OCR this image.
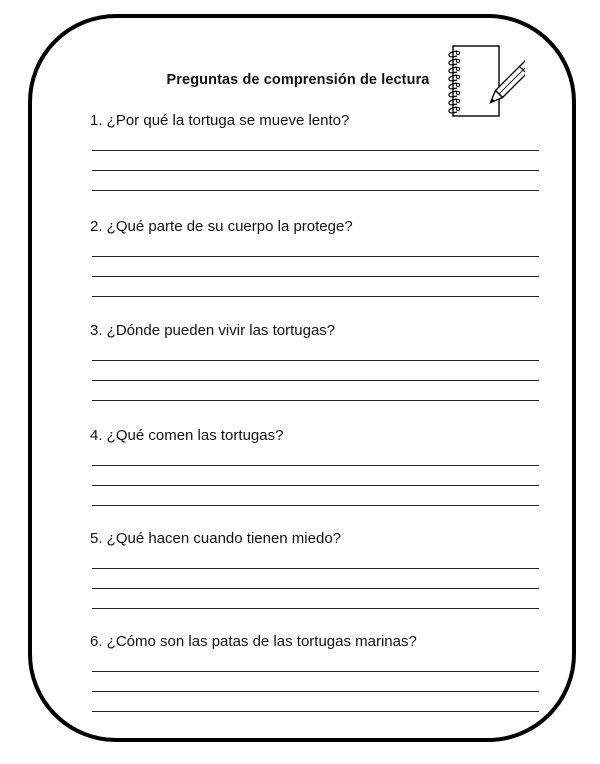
Preguntas de comprensión de lectura

1. ¿Por qué la tortuga se mueve lento?

2. ¿Qué parte de su cuerpo la protege?

3. ¿Dónde pueden vivir las tortugas?

4. ¿Qué comen las tortugas?

5. ¿Qué hacen cuando tienen miedo?

6. ¿Cómo son las patas de las tortugas marinas?
